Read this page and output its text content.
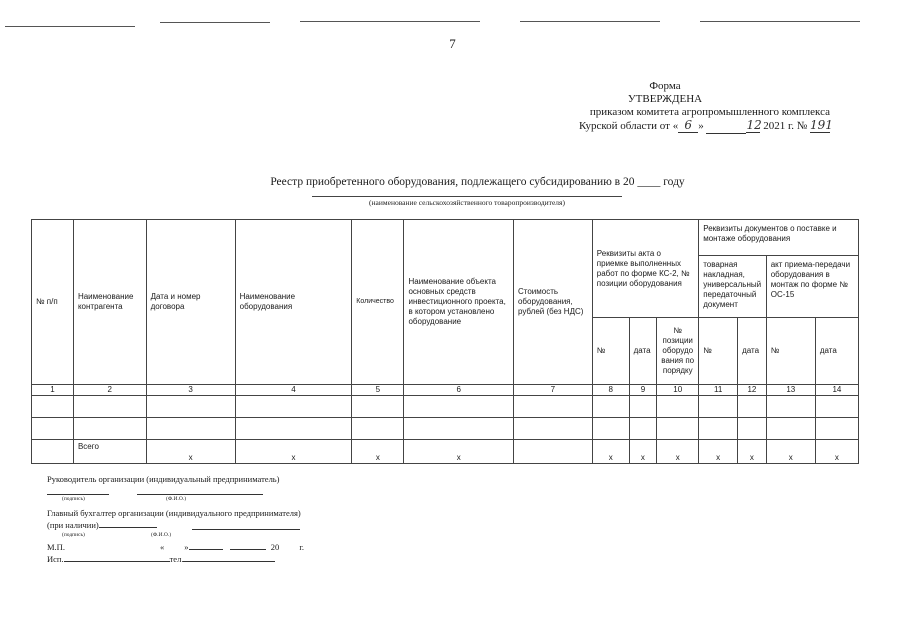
7
Форма
УТВЕРЖДЕНА
приказом комитета агропромышленного комплекса
Курской области от « 6 »	12 2021 г. № 191
Реестр приобретенного оборудования, подлежащего субсидированию в 20 ____ году
(наименование сельскохозяйственного товаропроизводителя)
№ п/п	Наименование контрагента	Дата и номер договора	Наименование оборудования	Количество	Наименование объекта основных средств инвестиционного проекта, в котором установлено оборудование	Стоимость оборудования, рублей (без НДС)	Реквизиты акта о приемке выполненных работ по форме КС-2, № позиции оборудования			Реквизиты документов о поставке и монтаже оборудования			
										товарная накладная, универсальный передаточный документ		акт приема-передачи оборудования в монтаж по форме № ОС-15	
							№	дата	№ позиции оборудо вания по порядку	№	дата	№	дата
1	2	3	4	5	6	7	8	9	10	11	12	13	14

	Всего	х	х	х	х		х	х	х	х	х	х	х
Руководитель организации (индивидуальный предприниматель)
(подпись)	(Ф.И.О.)
Главный бухгалтер организации (индивидуального предпринимателя)
(при наличии)
(подпись)	(Ф.И.О.)
М.П.	« »	20 г.
Исп.	тел.
